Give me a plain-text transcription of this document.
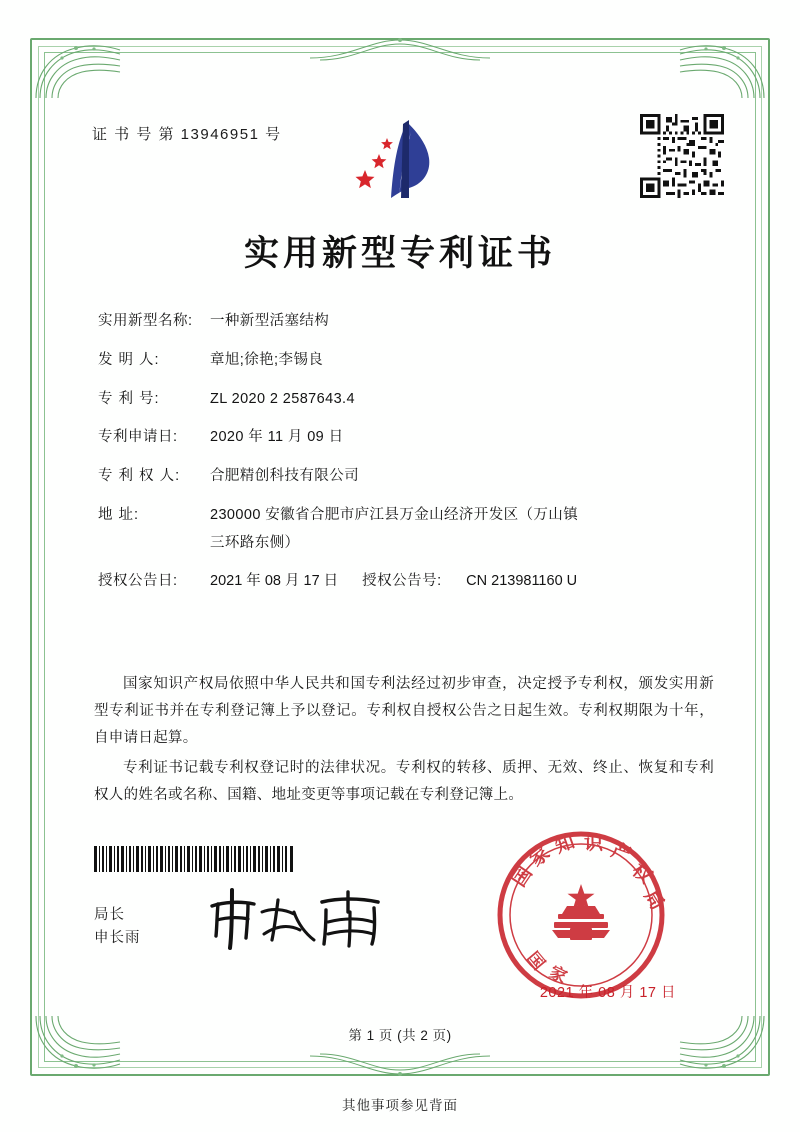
证 书 号 第 13946951 号
实用新型专利证书
实用新型名称:	一种新型活塞结构
发 明 人:	章旭;徐艳;李锡良
专 利 号:	ZL 2020 2 2587643.4
专利申请日:	2020 年 11 月 09 日
专 利 权 人:	合肥精创科技有限公司
地 址:	230000 安徽省合肥市庐江县万金山经济开发区（万山镇
三环路东侧）
授权公告日:	2021 年 08 月 17 日 授权公告号:	CN 213981160 U

国家知识产权局依照中华人民共和国专利法经过初步审查，决定授予专利权，颁发实用新型专利证书并在专利登记簿上予以登记。专利权自授权公告之日起生效。专利权期限为十年，自申请日起算。

专利证书记载专利权登记时的法律状况。专利权的转移、质押、无效、终止、恢复和专利权人的姓名或名称、国籍、地址变更等事项记载在专利登记簿上。

局长
申长雨
国
家
知 识 产
权
局
国
家
2021 年 08 月 17 日
第 1 页 (共 2 页)
其他事项参见背面
